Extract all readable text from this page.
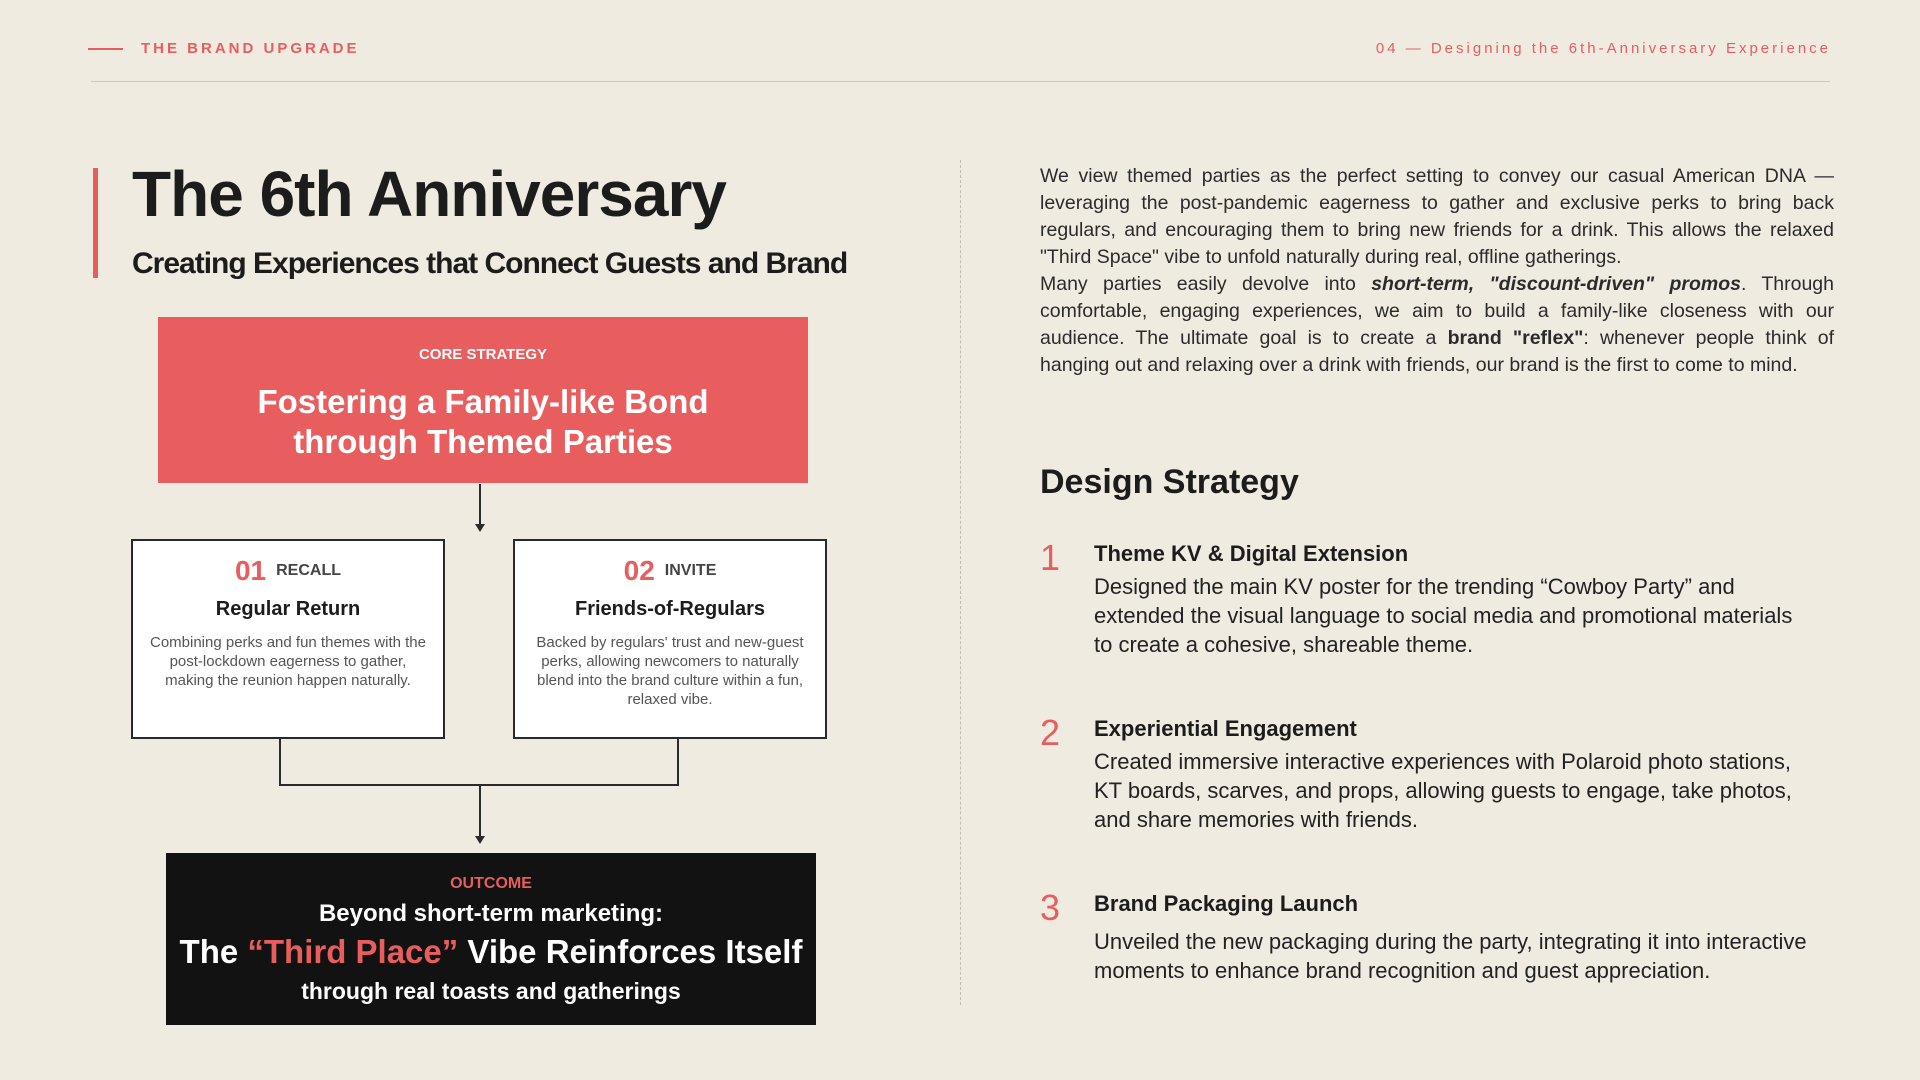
THE BRAND UPGRADE	04 — Designing the 6th-Anniversary Experience
The 6th Anniversary
Creating Experiences that Connect Guests and Brand
CORE STRATEGY
Fostering a Family-like Bond through Themed Parties
01 RECALL
Regular Return
Combining perks and fun themes with the post-lockdown eagerness to gather, making the reunion happen naturally.
02 INVITE
Friends-of-Regulars
Backed by regulars' trust and new-guest perks, allowing newcomers to naturally blend into the brand culture within a fun, relaxed vibe.
OUTCOME
Beyond short-term marketing:
The “Third Place” Vibe Reinforces Itself
through real toasts and gatherings

We view themed parties as the perfect setting to convey our casual American DNA —leveraging the post-pandemic eagerness to gather and exclusive perks to bring back regulars, and encouraging them to bring new friends for a drink. This allows the relaxed "Third Space" vibe to unfold naturally during real, offline gatherings.

Many parties easily devolve into short-term, "discount-driven" promos. Through comfortable, engaging experiences, we aim to build a family-like closeness with our audience. The ultimate goal is to create a brand "reflex": whenever people think of hanging out and relaxing over a drink with friends, our brand is the first to come to mind.

Design Strategy
1 Theme KV & Digital Extension

Designed the main KV poster for the trending “Cowboy Party” and extended the visual language to social media and promotional materials to create a cohesive, shareable theme.

2 Experiential Engagement

Created immersive interactive experiences with Polaroid photo stations, KT boards, scarves, and props, allowing guests to engage, take photos, and share memories with friends.

3 Brand Packaging Launch

Unveiled the new packaging during the party, integrating it into interactive moments to enhance brand recognition and guest appreciation.
